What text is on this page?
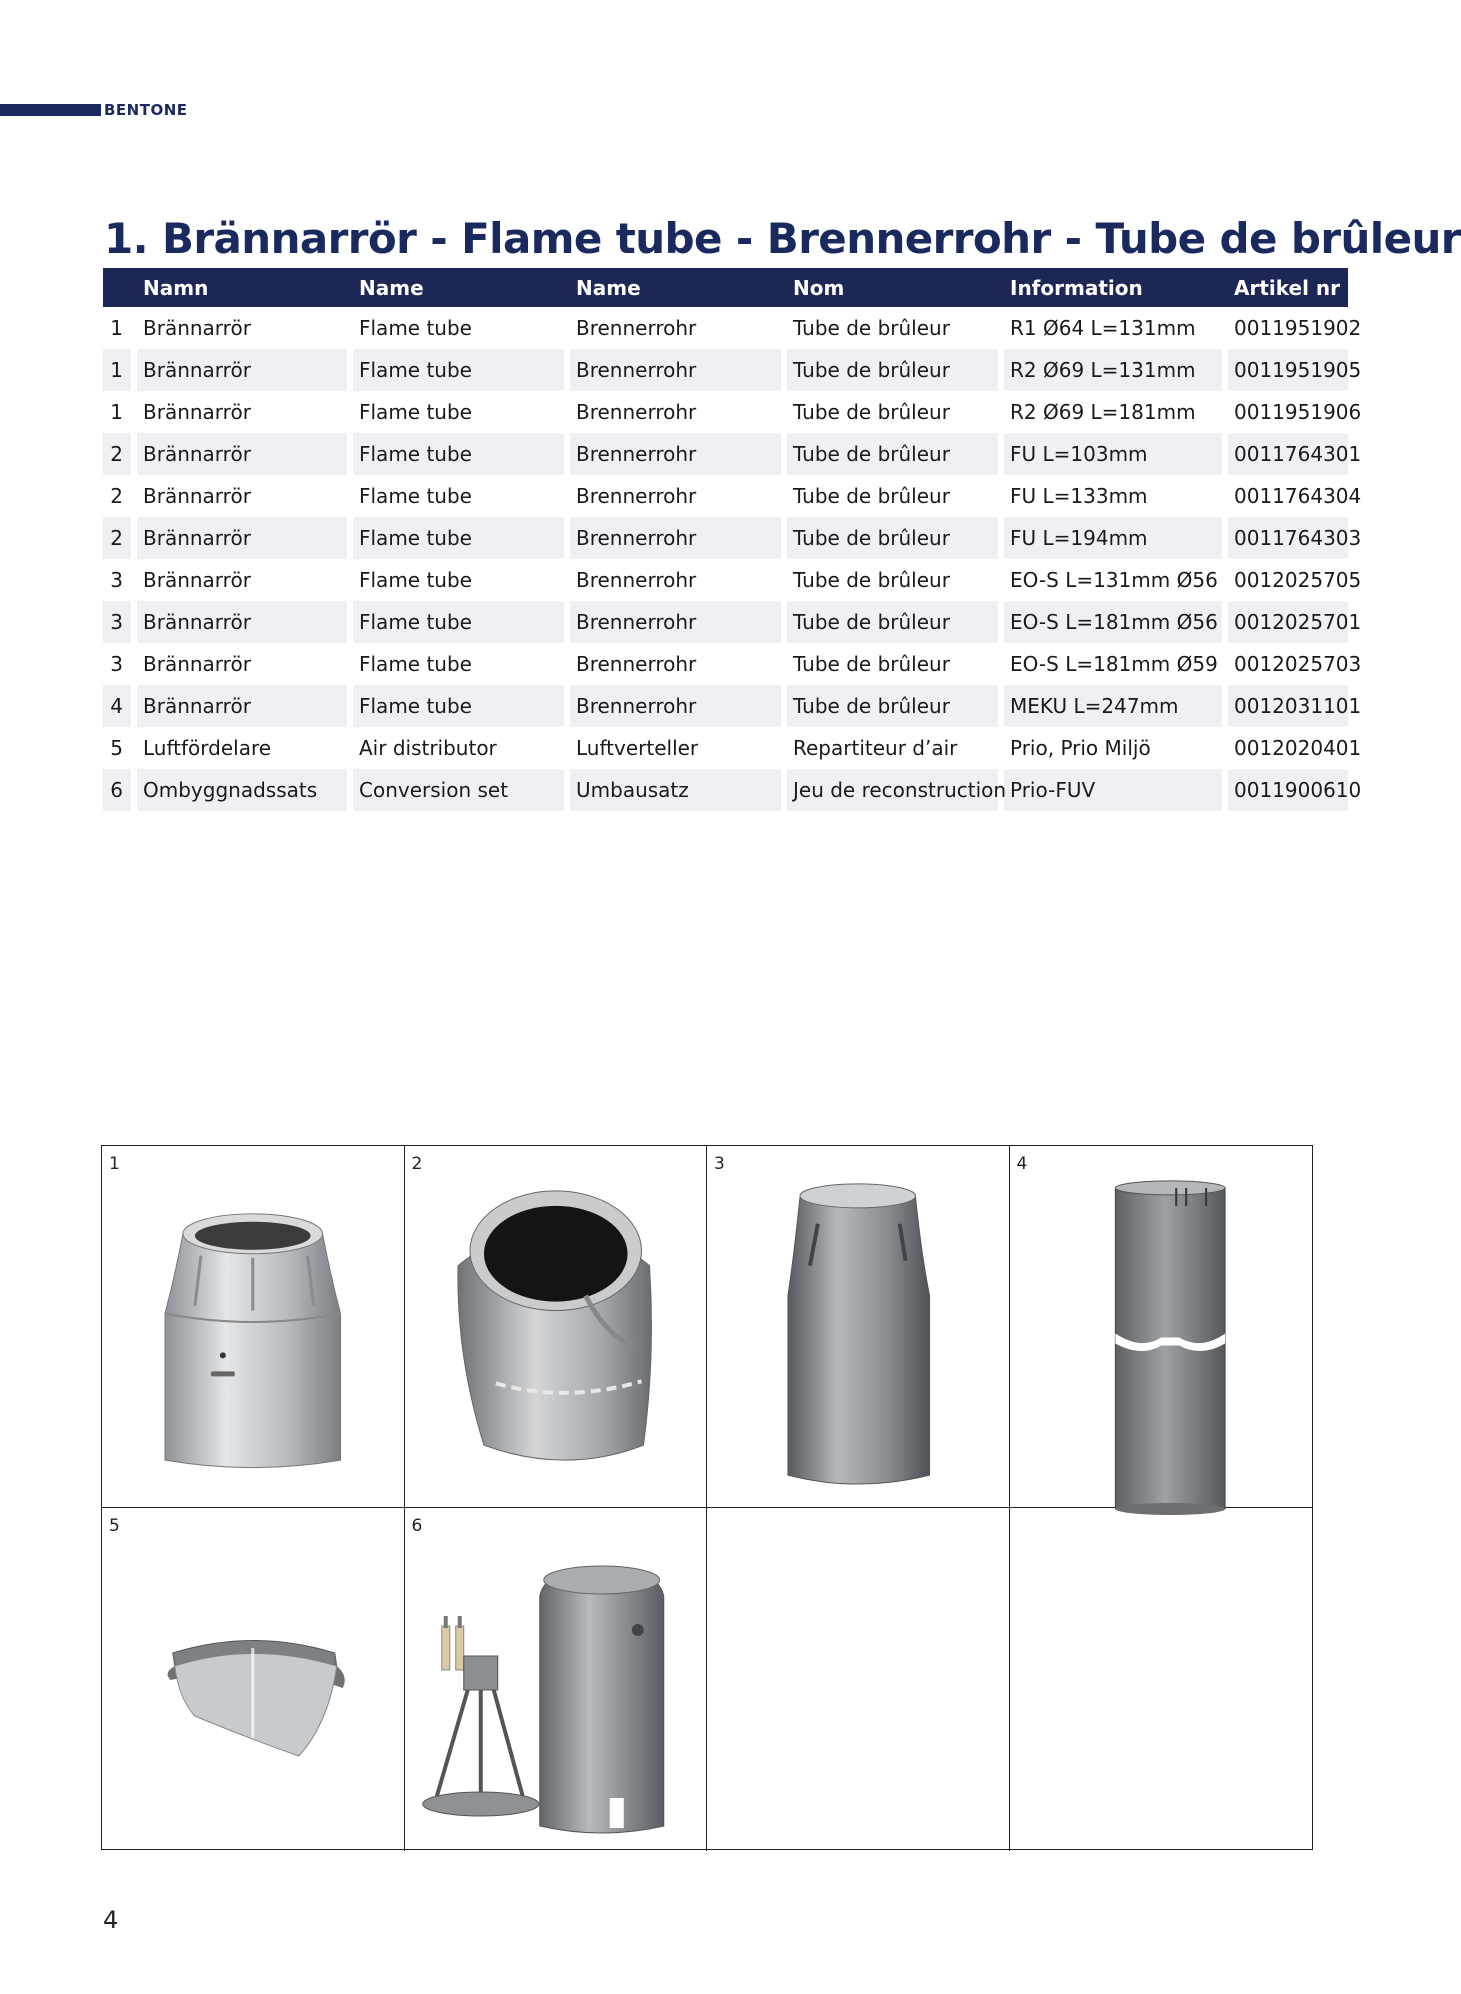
BENTONE
1. Brännarrör - Flame tube - Brennerrohr - Tube de brûleur
	Namn	Name	Name	Nom	Information	Artikel nr
1	Brännarrör	Flame tube	Brennerrohr	Tube de brûleur	R1 Ø64 L=131mm	0011951902
1	Brännarrör	Flame tube	Brennerrohr	Tube de brûleur	R2 Ø69 L=131mm	0011951905
1	Brännarrör	Flame tube	Brennerrohr	Tube de brûleur	R2 Ø69 L=181mm	0011951906
2	Brännarrör	Flame tube	Brennerrohr	Tube de brûleur	FU L=103mm	0011764301
2	Brännarrör	Flame tube	Brennerrohr	Tube de brûleur	FU L=133mm	0011764304
2	Brännarrör	Flame tube	Brennerrohr	Tube de brûleur	FU L=194mm	0011764303
3	Brännarrör	Flame tube	Brennerrohr	Tube de brûleur	EO-S L=131mm Ø56	0012025705
3	Brännarrör	Flame tube	Brennerrohr	Tube de brûleur	EO-S L=181mm Ø56	0012025701
3	Brännarrör	Flame tube	Brennerrohr	Tube de brûleur	EO-S L=181mm Ø59	0012025703
4	Brännarrör	Flame tube	Brennerrohr	Tube de brûleur	MEKU L=247mm	0012031101
5	Luftfördelare	Air distributor	Luftverteller	Repartiteur d’air	Prio, Prio Miljö	0012020401
6	Ombyggnadssats	Conversion set	Umbausatz	Jeu de reconstruction	Prio-FUV	0011900610
1	2	3	4
5	6
4
